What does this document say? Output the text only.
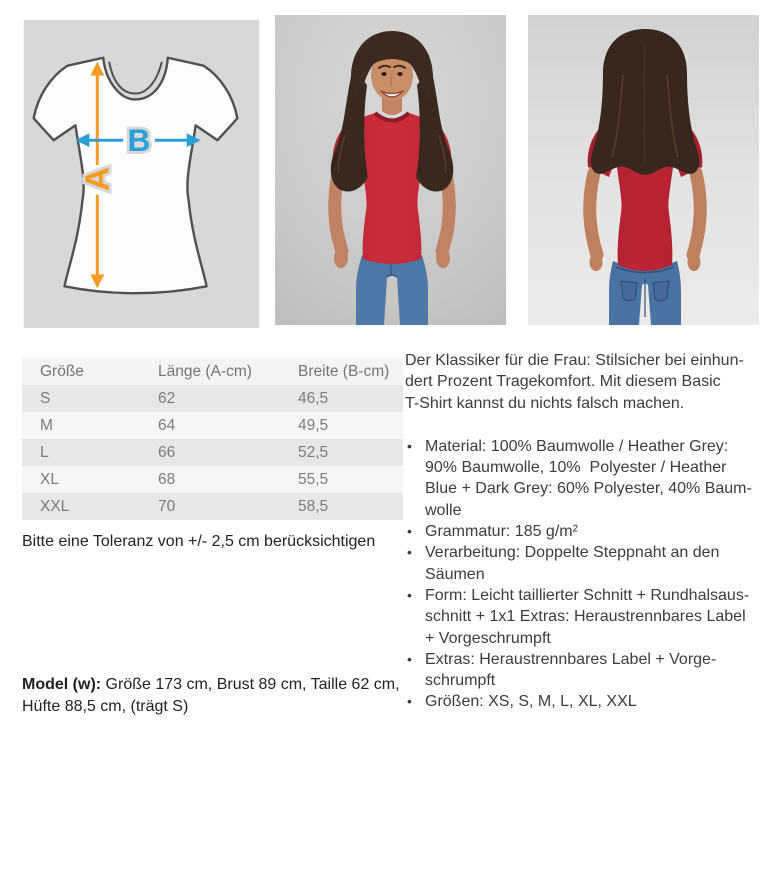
A
B
Größe	Länge (A-cm)	Breite (B-cm)
S	62	46,5
M	64	49,5
L	66	52,5
XL	68	55,5
XXL	70	58,5
Bitte eine Toleranz von +/- 2,5 cm berücksichtigen
Model (w): Größe 173 cm, Brust 89 cm, Taille 62 cm, Hüfte 88,5 cm, (trägt S)

Der Klassiker für die Frau: Stilsicher bei einhun-
dert Prozent Tragekomfort. Mit diesem Basic
T-Shirt kannst du nichts falsch machen.

• Material: 100% Baumwolle / Heather Grey:
90% Baumwolle, 10%  Polyester / Heather
Blue + Dark Grey: 60% Polyester, 40% Baum-
wolle
• Grammatur: 185 g/m²
• Verarbeitung: Doppelte Steppnaht an den
Säumen
• Form: Leicht taillierter Schnitt + Rundhalsaus-
schnitt + 1x1 Extras: Heraustrennbares Label
+ Vorgeschrumpft
• Extras: Heraustrennbares Label + Vorge-
schrumpft
• Größen: XS, S, M, L, XL, XXL
